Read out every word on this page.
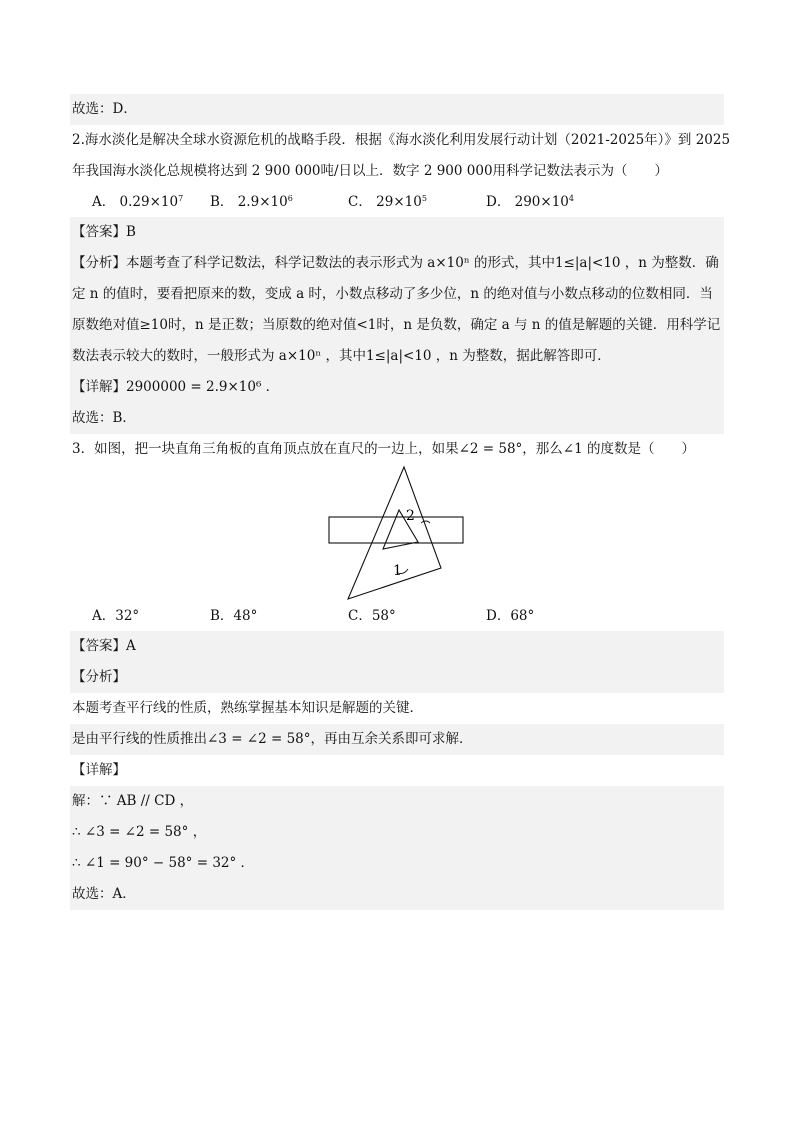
故选：D．
2.海水淡化是解决全球水资源危机的战略手段．根据《海水淡化利用发展行动计划（2021-2025年）》到 2025
年我国海水淡化总规模将达到 2 900 000吨/日以上．数字 2 900 000用科学记数法表示为（　　）
A． $0.29\times 10^7$ B． $2.9\times 10^6$	C． $29\times 10^5$	D． $290\times 10^4$
【答案】B
【分析】本题考查了科学记数法，科学记数法的表示形式为 a×10ⁿ 的形式，其中1≤|a|<10 ，n 为整数．确
定 n 的值时，要看把原来的数，变成 a 时，小数点移动了多少位，n 的绝对值与小数点移动的位数相同．当
原数绝对值≥10时，n 是正数；当原数的绝对值<1时，n 是负数，确定 a 与 n 的值是解题的关键．用科学记
数法表示较大的数时，一般形式为 a×10ⁿ ，其中1≤|a|<10 ，n 为整数，据此解答即可．
【详解】2900000 = 2.9×10⁶ ．
故选：B．
3．如图，把一块直角三角板的直角顶点放在直尺的一边上，如果∠2 = 58°，那么∠1 的度数是（　　）
2
1
A．32°	B．48°	C．58°	D．68°
【答案】A
【分析】
本题考查平行线的性质，熟练掌握基本知识是解题的关键．
是由平行线的性质推出∠3 = ∠2 = 58°，再由互余关系即可求解．
【详解】
解：∵ AB // CD ，
∴ ∠3 = ∠2 = 58° ，
∴ ∠1 = 90° − 58° = 32° ．
故选：A．
